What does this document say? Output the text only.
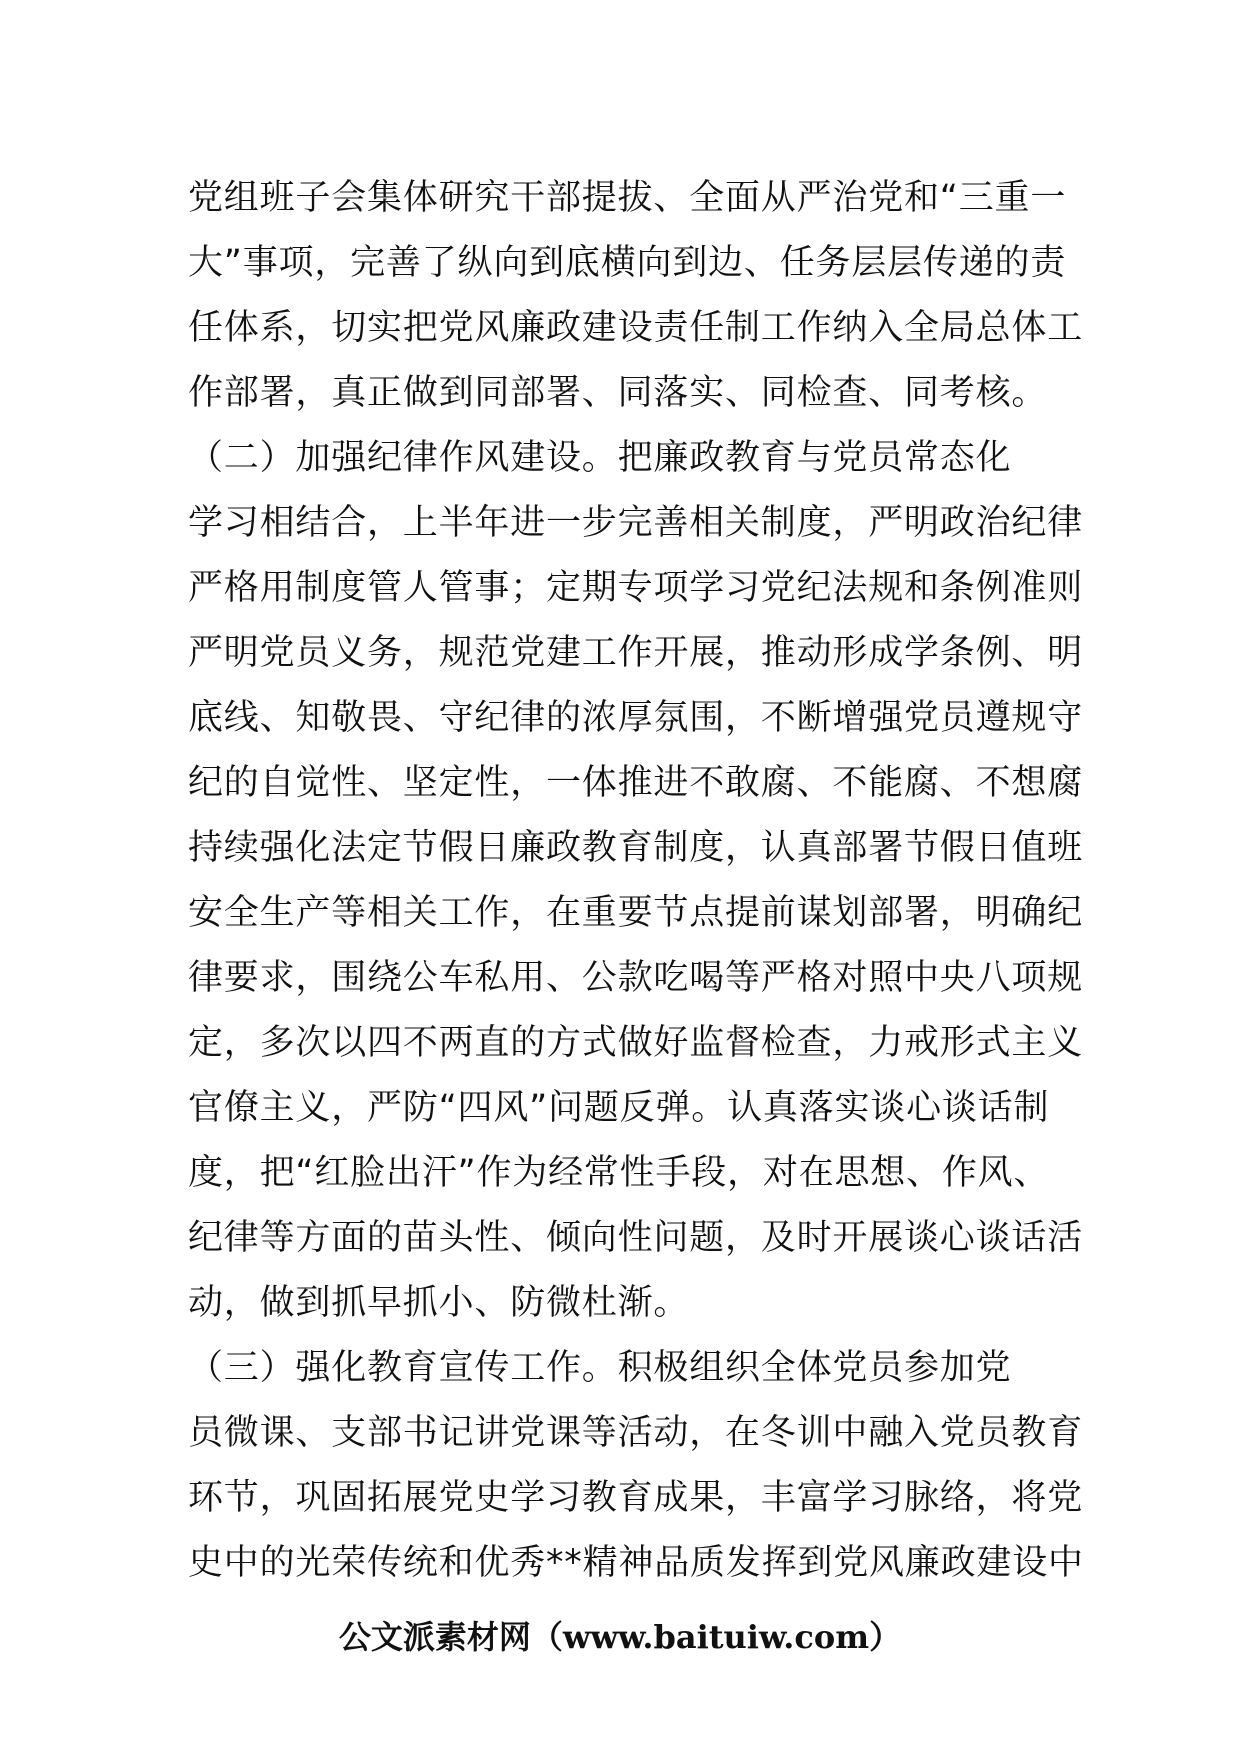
党组班子会集体研究干部提拔、全面从严治党和“三重一
大”事项，完善了纵向到底横向到边、任务层层传递的责
任体系，切实把党风廉政建设责任制工作纳入全局总体工
作部署，真正做到同部署、同落实、同检查、同考核。
（二）加强纪律作风建设。把廉政教育与党员常态化
学习相结合，上半年进一步完善相关制度，严明政治纪律
严格用制度管人管事；定期专项学习党纪法规和条例准则
严明党员义务，规范党建工作开展，推动形成学条例、明
底线、知敬畏、守纪律的浓厚氛围，不断增强党员遵规守
纪的自觉性、坚定性，一体推进不敢腐、不能腐、不想腐
持续强化法定节假日廉政教育制度，认真部署节假日值班
安全生产等相关工作，在重要节点提前谋划部署，明确纪
律要求，围绕公车私用、公款吃喝等严格对照中央八项规
定，多次以四不两直的方式做好监督检查，力戒形式主义
官僚主义，严防“四风”问题反弹。认真落实谈心谈话制
度，把“红脸出汗”作为经常性手段，对在思想、作风、
纪律等方面的苗头性、倾向性问题，及时开展谈心谈话活
动，做到抓早抓小、防微杜渐。
（三）强化教育宣传工作。积极组织全体党员参加党
员微课、支部书记讲党课等活动，在冬训中融入党员教育
环节，巩固拓展党史学习教育成果，丰富学习脉络，将党
史中的光荣传统和优秀**精神品质发挥到党风廉政建设中
公文派素材网（www.baituiw.com）
